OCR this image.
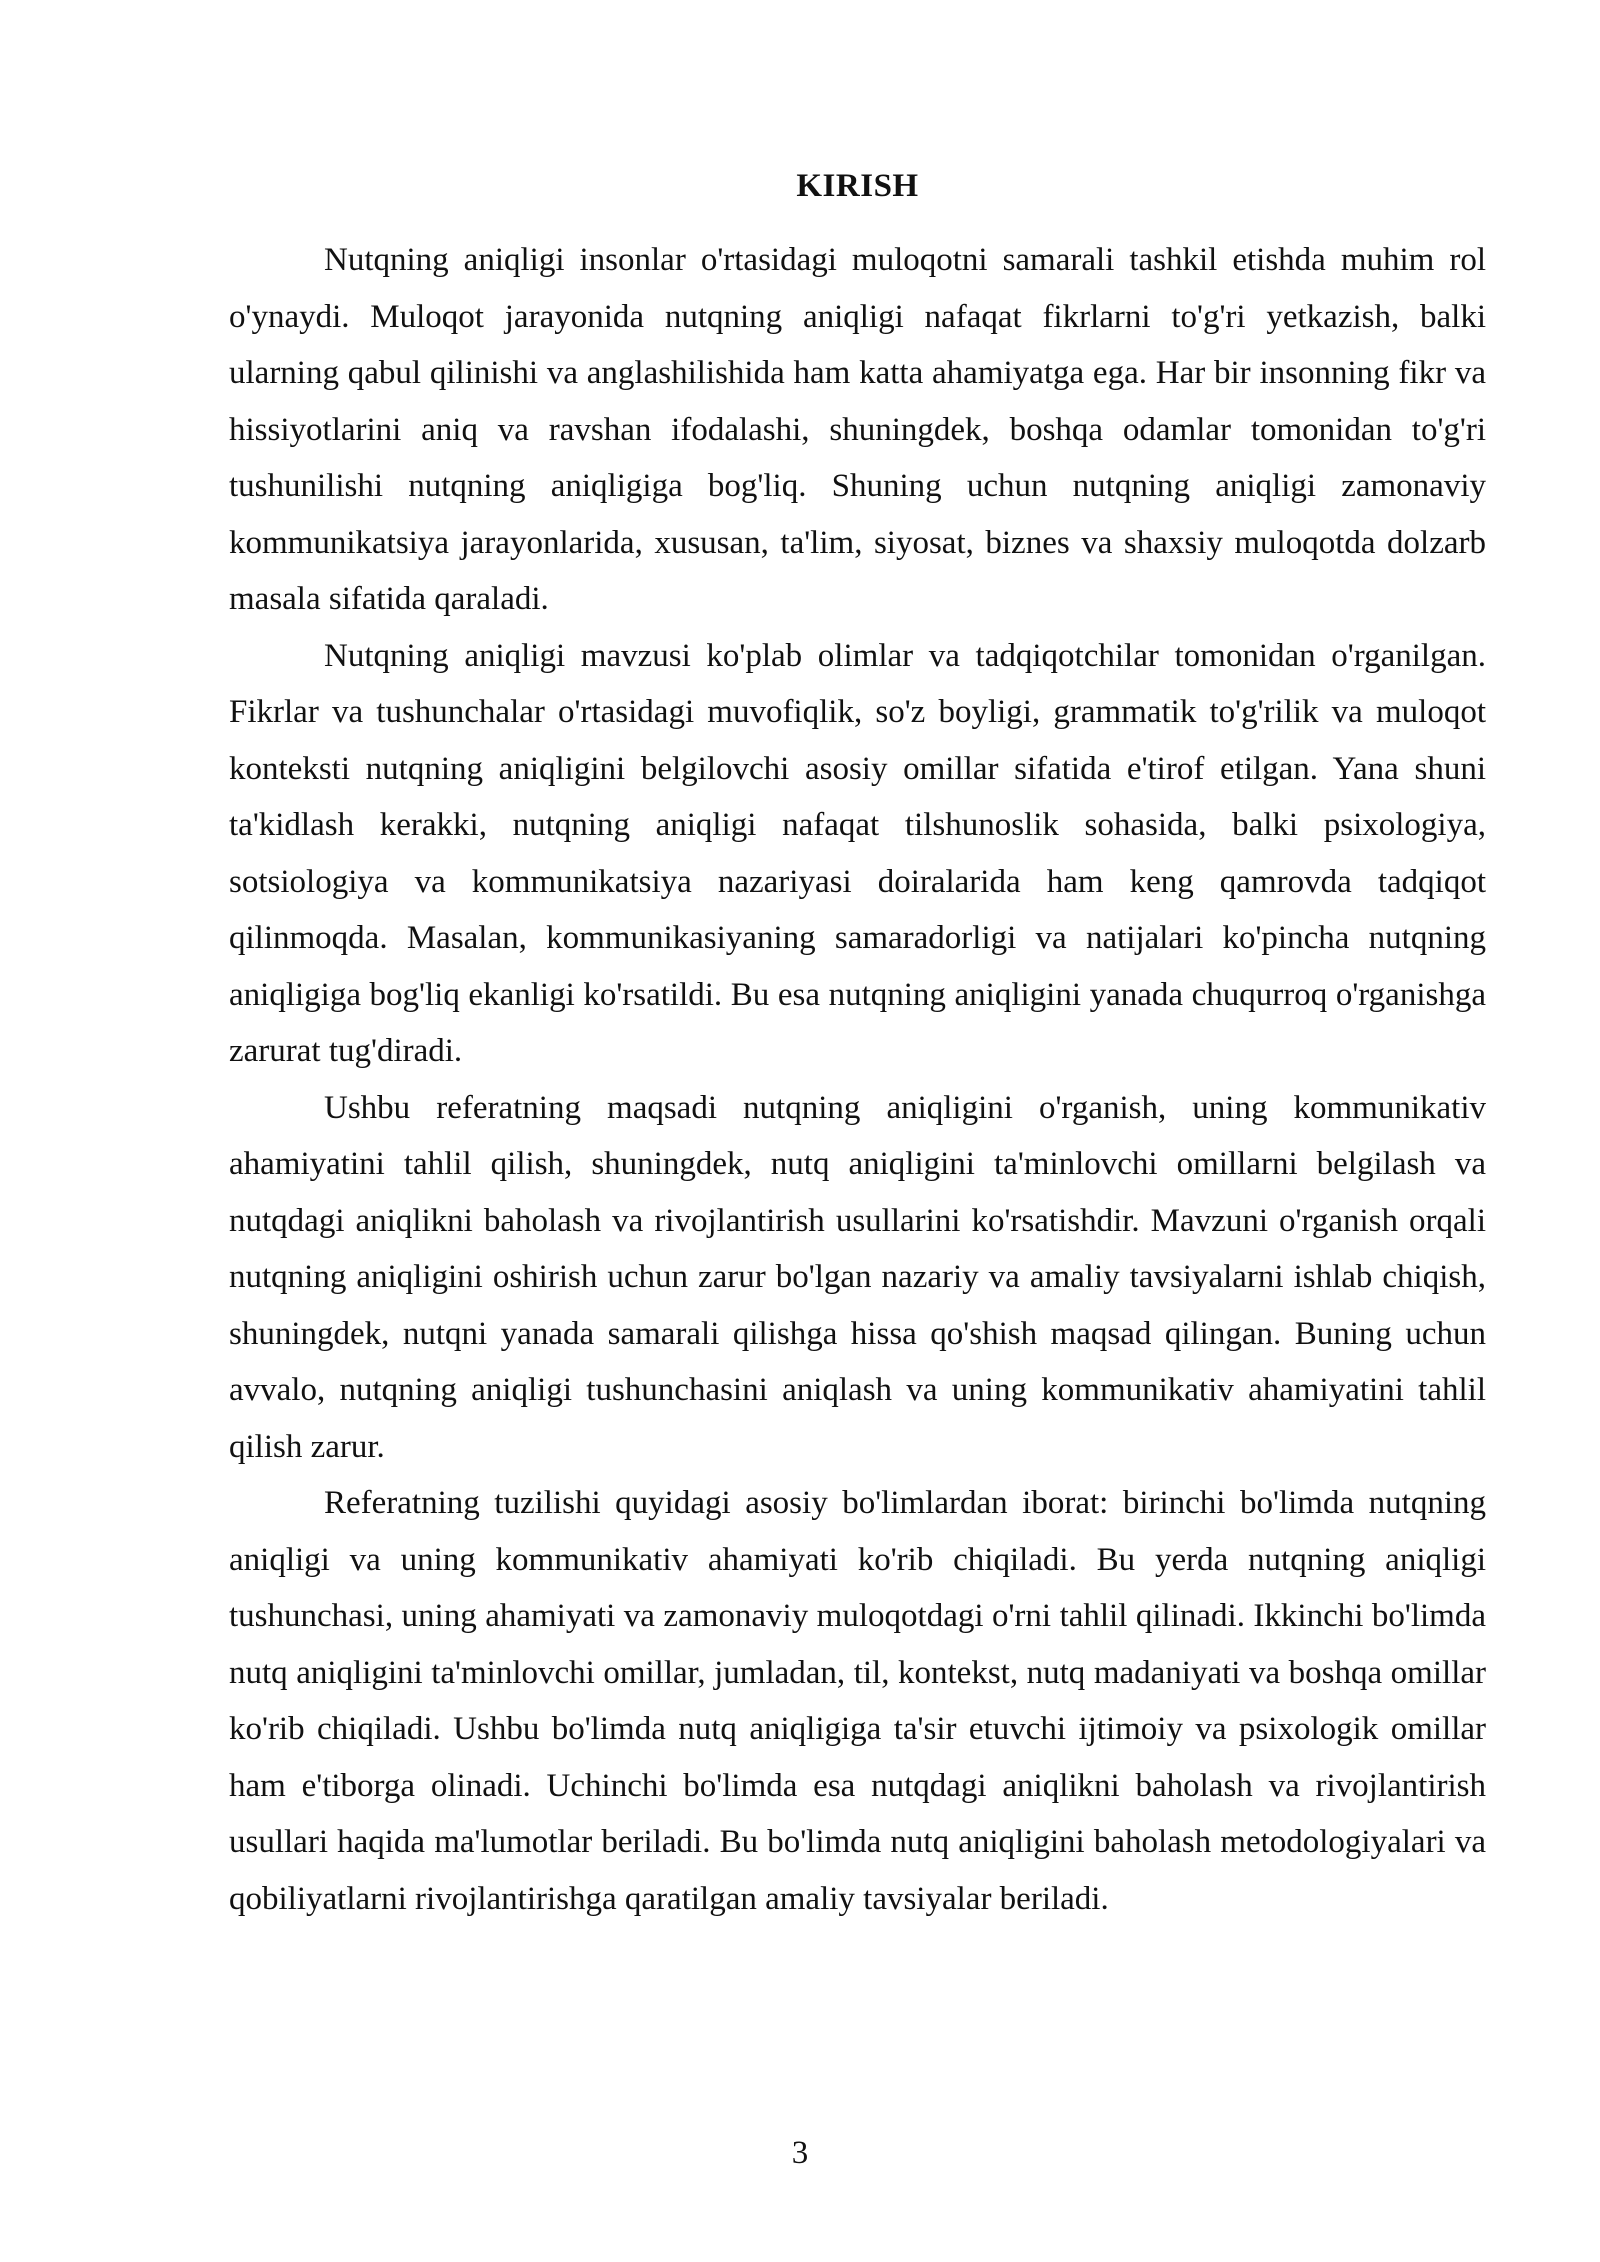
KIRISH

Nutqning aniqligi insonlar o'rtasidagi muloqotni samarali tashkil etishda muhim rol o'ynaydi. Muloqot jarayonida nutqning aniqligi nafaqat fikrlarni to'g'ri yetkazish, balki ularning qabul qilinishi va anglashilishida ham katta ahamiyatga ega. Har bir insonning fikr va hissiyotlarini aniq va ravshan ifodalashi, shuningdek, boshqa odamlar tomonidan to'g'ri tushunilishi nutqning aniqligiga bog'liq. Shuning uchun nutqning aniqligi zamonaviy kommunikatsiya jarayonlarida, xususan, ta'lim, siyosat, biznes va shaxsiy muloqotda dolzarb masala sifatida qaraladi.

Nutqning aniqligi mavzusi ko'plab olimlar va tadqiqotchilar tomonidan o'rganilgan. Fikrlar va tushunchalar o'rtasidagi muvofiqlik, so'z boyligi, grammatik to'g'rilik va muloqot konteksti nutqning aniqligini belgilovchi asosiy omillar sifatida e'tirof etilgan. Yana shuni ta'kidlash kerakki, nutqning aniqligi nafaqat tilshunoslik sohasida, balki psixologiya, sotsiologiya va kommunikatsiya nazariyasi doiralarida ham keng qamrovda tadqiqot qilinmoqda. Masalan, kommunikasiyaning samaradorligi va natijalari ko'pincha nutqning aniqligiga bog'liq ekanligi ko'rsatildi. Bu esa nutqning aniqligini yanada chuqurroq o'rganishga zarurat tug'diradi.

Ushbu referatning maqsadi nutqning aniqligini o'rganish, uning kommunikativ ahamiyatini tahlil qilish, shuningdek, nutq aniqligini ta'minlovchi omillarni belgilash va nutqdagi aniqlikni baholash va rivojlantirish usullarini ko'rsatishdir. Mavzuni o'rganish orqali nutqning aniqligini oshirish uchun zarur bo'lgan nazariy va amaliy tavsiyalarni ishlab chiqish, shuningdek, nutqni yanada samarali qilishga hissa qo'shish maqsad qilingan. Buning uchun avvalo, nutqning aniqligi tushunchasini aniqlash va uning kommunikativ ahamiyatini tahlil qilish zarur.

Referatning tuzilishi quyidagi asosiy bo'limlardan iborat: birinchi bo'limda nutqning aniqligi va uning kommunikativ ahamiyati ko'rib chiqiladi. Bu yerda nutqning aniqligi tushunchasi, uning ahamiyati va zamonaviy muloqotdagi o'rni tahlil qilinadi. Ikkinchi bo'limda nutq aniqligini ta'minlovchi omillar, jumladan, til, kontekst, nutq madaniyati va boshqa omillar ko'rib chiqiladi. Ushbu bo'limda nutq aniqligiga ta'sir etuvchi ijtimoiy va psixologik omillar ham e'tiborga olinadi. Uchinchi bo'limda esa nutqdagi aniqlikni baholash va rivojlantirish usullari haqida ma'lumotlar beriladi. Bu bo'limda nutq aniqligini baholash metodologiyalari va qobiliyatlarni rivojlantirishga qaratilgan amaliy tavsiyalar beriladi.

3
